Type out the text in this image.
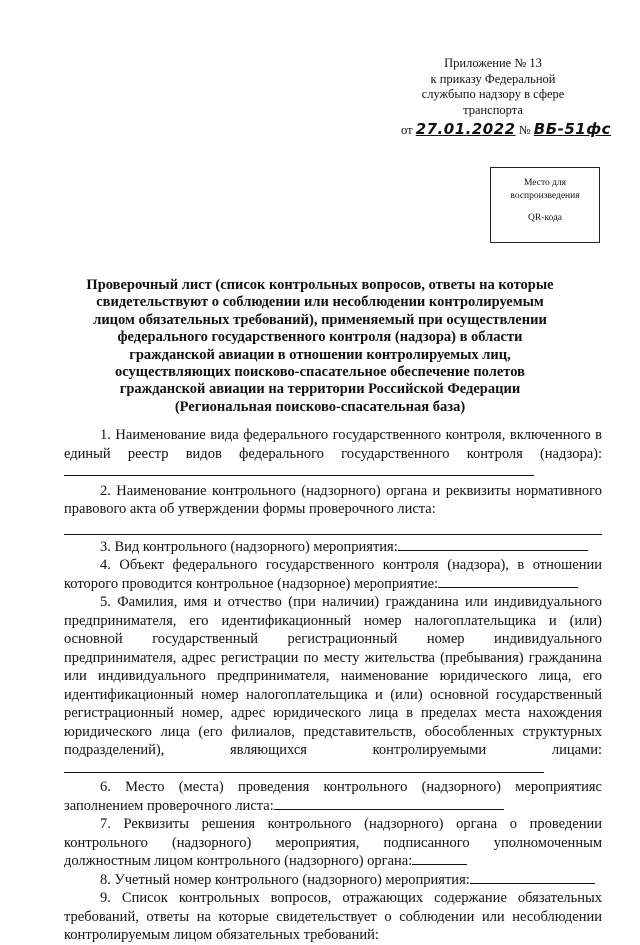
Приложение № 13
к приказу Федеральной
службыпо надзору в сфере
транспорта
от 27.01.2022 № ВБ-51фс
Место для
воспроизведения
QR-кода
Проверочный лист (список контрольных вопросов, ответы на которые свидетельствуют о соблюдении или несоблюдении контролируемым лицом обязательных требований), применяемый при осуществлении федерального государственного контроля (надзора) в области гражданской авиации в отношении контролируемых лиц, осуществляющих поисково-спасательное обеспечение полетов гражданской авиации на территории Российской Федерации (Региональная поисково-спасательная база)

1. Наименование вида федерального государственного контроля, включенного в единый реестр видов федерального государственного контроля (надзора):

2. Наименование контрольного (надзорного) органа и реквизиты нормативного правового акта об утверждении формы проверочного листа:

3. Вид контрольного (надзорного) мероприятия:

4. Объект федерального государственного контроля (надзора), в отношении которого проводится контрольное (надзорное) мероприятие:

5. Фамилия, имя и отчество (при наличии) гражданина или индивидуального предпринимателя, его идентификационный номер налогоплательщика и (или) основной государственный регистрационный номер индивидуального предпринимателя, адрес регистрации по месту жительства (пребывания) гражданина или индивидуального предпринимателя, наименование юридического лица, его идентификационный номер налогоплательщика и (или) основной государственный регистрационный номер, адрес юридического лица в пределах места нахождения юридического лица (его филиалов, представительств, обособленных структурных подразделений), являющихся контролируемыми лицами:

6. Место (места) проведения контрольного (надзорного) мероприятияс заполнением проверочного листа:

7. Реквизиты решения контрольного (надзорного) органа о проведении контрольного (надзорного) мероприятия, подписанного уполномоченным должностным лицом контрольного (надзорного) органа:

8. Учетный номер контрольного (надзорного) мероприятия:

9. Список контрольных вопросов, отражающих содержание обязательных требований, ответы на которые свидетельствует о соблюдении или несоблюдении контролируемым лицом обязательных требований:
